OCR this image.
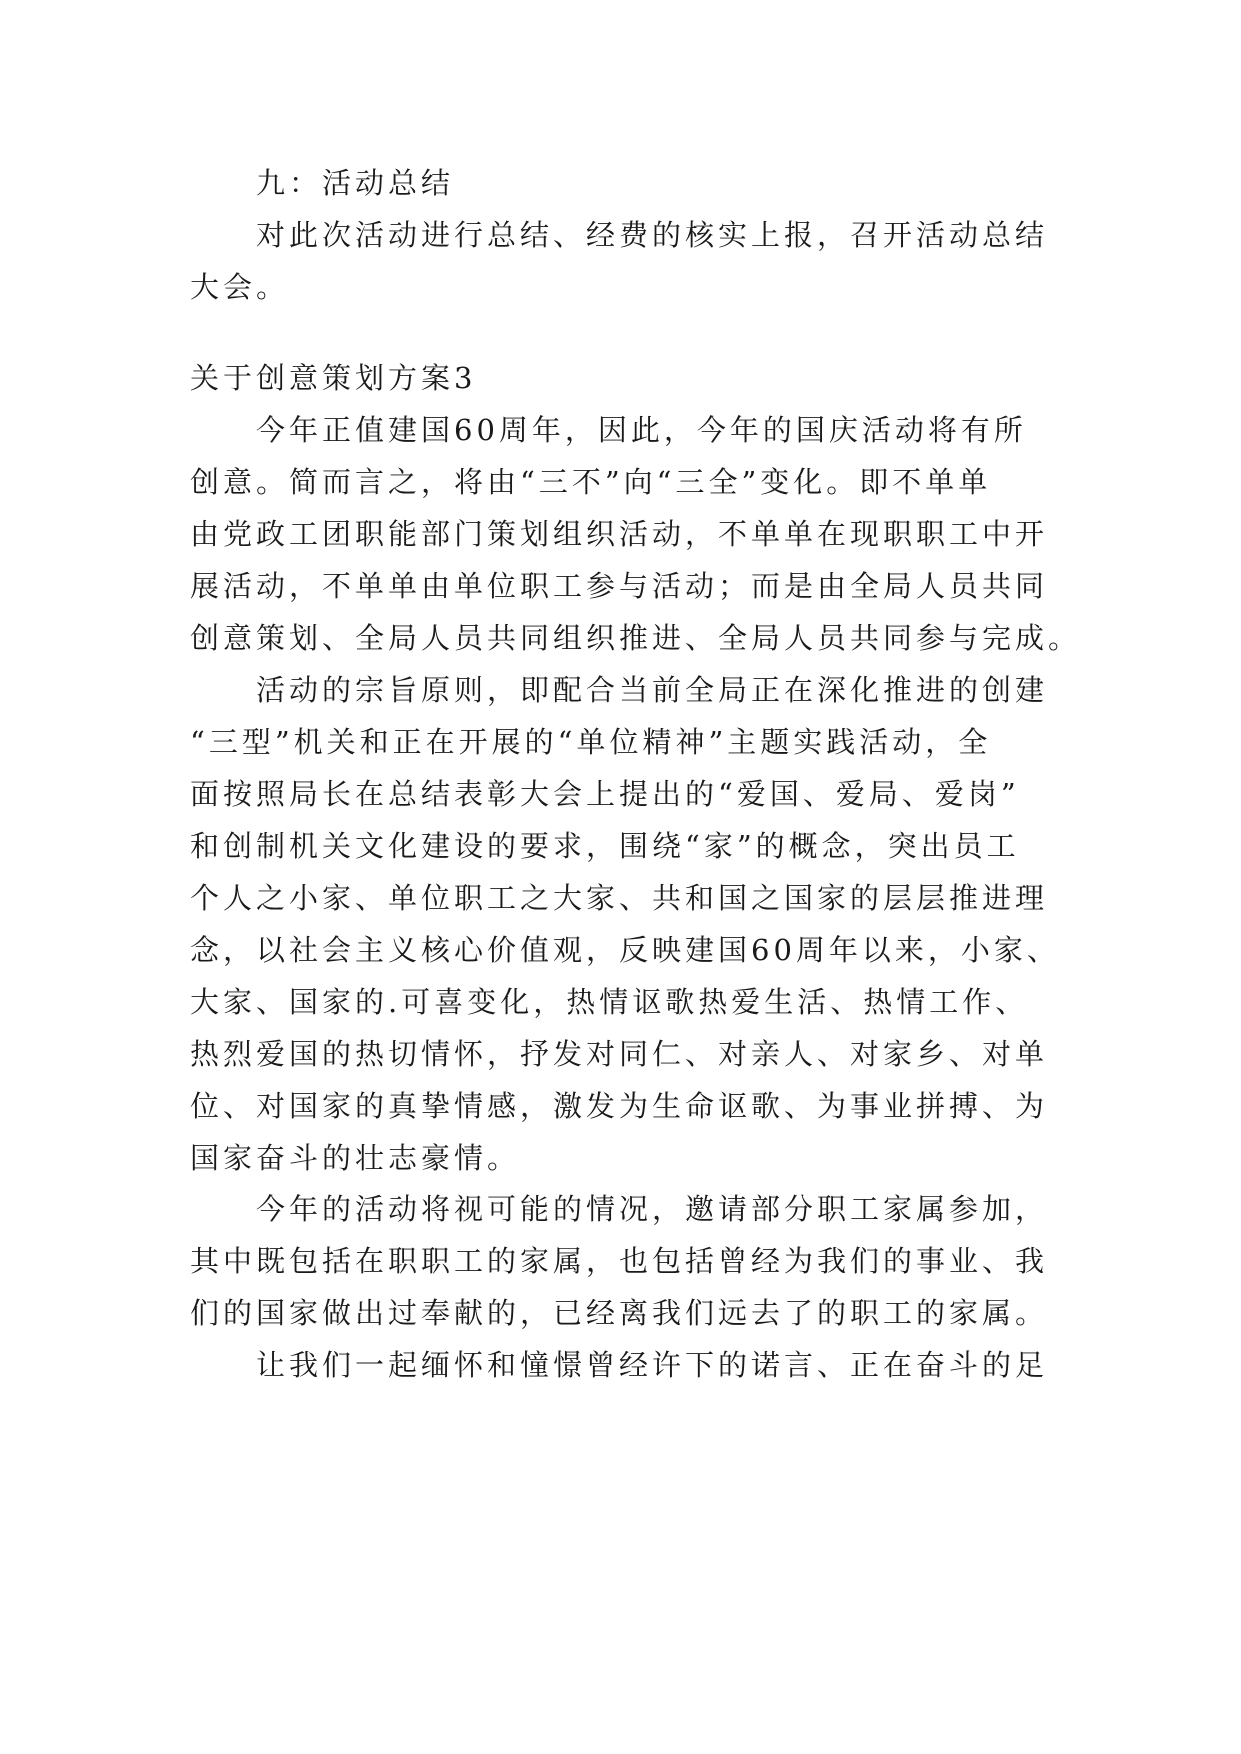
九：活动总结
对此次活动进行总结、经费的核实上报，召开活动总结
大会。
关于创意策划方案3
今年正值建国60周年，因此，今年的国庆活动将有所
创意。简而言之，将由“三不”向“三全”变化。即不单单
由党政工团职能部门策划组织活动，不单单在现职职工中开
展活动，不单单由单位职工参与活动；而是由全局人员共同
创意策划、全局人员共同组织推进、全局人员共同参与完成。
活动的宗旨原则，即配合当前全局正在深化推进的创建
“三型”机关和正在开展的“单位精神”主题实践活动，全
面按照局长在总结表彰大会上提出的“爱国、爱局、爱岗”
和创制机关文化建设的要求，围绕“家”的概念，突出员工
个人之小家、单位职工之大家、共和国之国家的层层推进理
念，以社会主义核心价值观，反映建国60周年以来，小家、
大家、国家的.可喜变化，热情讴歌热爱生活、热情工作、
热烈爱国的热切情怀，抒发对同仁、对亲人、对家乡、对单
位、对国家的真挚情感，激发为生命讴歌、为事业拼搏、为
国家奋斗的壮志豪情。
今年的活动将视可能的情况，邀请部分职工家属参加，
其中既包括在职职工的家属，也包括曾经为我们的事业、我
们的国家做出过奉献的，已经离我们远去了的职工的家属。
让我们一起缅怀和憧憬曾经许下的诺言、正在奋斗的足
